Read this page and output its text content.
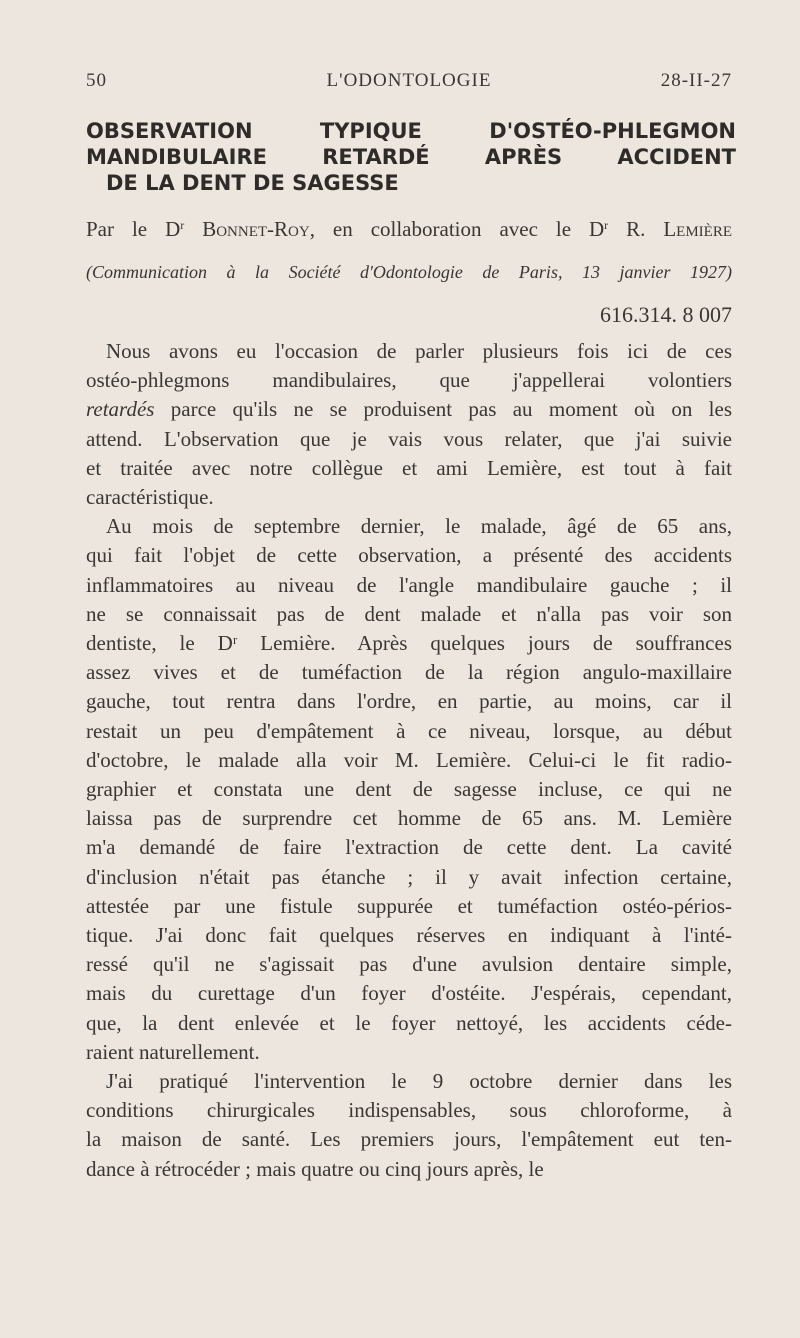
50	L'ODONTOLOGIE	28-II-27
OBSERVATION TYPIQUE D'OSTÉO-PHLEGMON
MANDIBULAIRE RETARDÉ APRÈS ACCIDENT
DE LA DENT DE SAGESSE
Par le $D^r$ Bonnet-Roy, en collaboration avec le $D^r$ R. Lemière
(Communication à la Société d'Odontologie de Paris, 13 janvier 1927)
616.314. 8 007

Nous avons eu l'occasion de parler plusieurs fois ici de ces
ostéo-phlegmons mandibulaires, que j'appellerai volontiers
retardés parce qu'ils ne se produisent pas au moment où on les
attend. L'observation que je vais vous relater, que j'ai suivie
et traitée avec notre collègue et ami Lemière, est tout à fait
caractéristique.

Au mois de septembre dernier, le malade, âgé de 65 ans,
qui fait l'objet de cette observation, a présenté des accidents
inflammatoires au niveau de l'angle mandibulaire gauche ; il
ne se connaissait pas de dent malade et n'alla pas voir son
dentiste, le Dʳ Lemière. Après quelques jours de souffrances
assez vives et de tuméfaction de la région angulo-maxillaire
gauche, tout rentra dans l'ordre, en partie, au moins, car il
restait un peu d'empâtement à ce niveau, lorsque, au début
d'octobre, le malade alla voir M. Lemière. Celui-ci le fit radio-
graphier et constata une dent de sagesse incluse, ce qui ne
laissa pas de surprendre cet homme de 65 ans. M. Lemière
m'a demandé de faire l'extraction de cette dent. La cavité
d'inclusion n'était pas étanche ; il y avait infection certaine,
attestée par une fistule suppurée et tuméfaction ostéo-périos-
tique. J'ai donc fait quelques réserves en indiquant à l'inté-
ressé qu'il ne s'agissait pas d'une avulsion dentaire simple,
mais du curettage d'un foyer d'ostéite. J'espérais, cependant,
que, la dent enlevée et le foyer nettoyé, les accidents céde-
raient naturellement.

J'ai pratiqué l'intervention le 9 octobre dernier dans les
conditions chirurgicales indispensables, sous chloroforme, à
la maison de santé. Les premiers jours, l'empâtement eut ten-
dance à rétrocéder ; mais quatre ou cinq jours après, le
